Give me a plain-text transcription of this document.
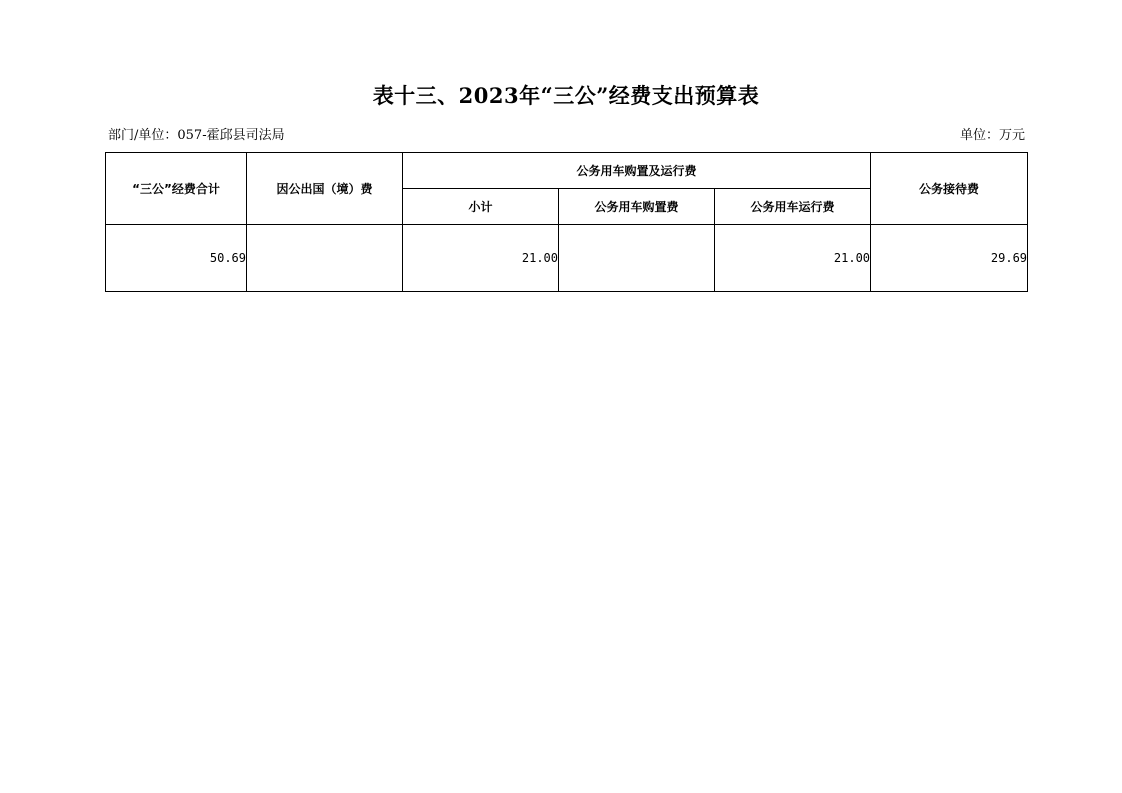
表十三、2023年“三公”经费支出预算表
部门/单位：057-霍邱县司法局	单位：万元
“三公”经费合计	因公出国（境）费	公务用车购置及运行费			公务接待费
		小计	公务用车购置费	公务用车运行费	
50.69		21.00		21.00	29.69
